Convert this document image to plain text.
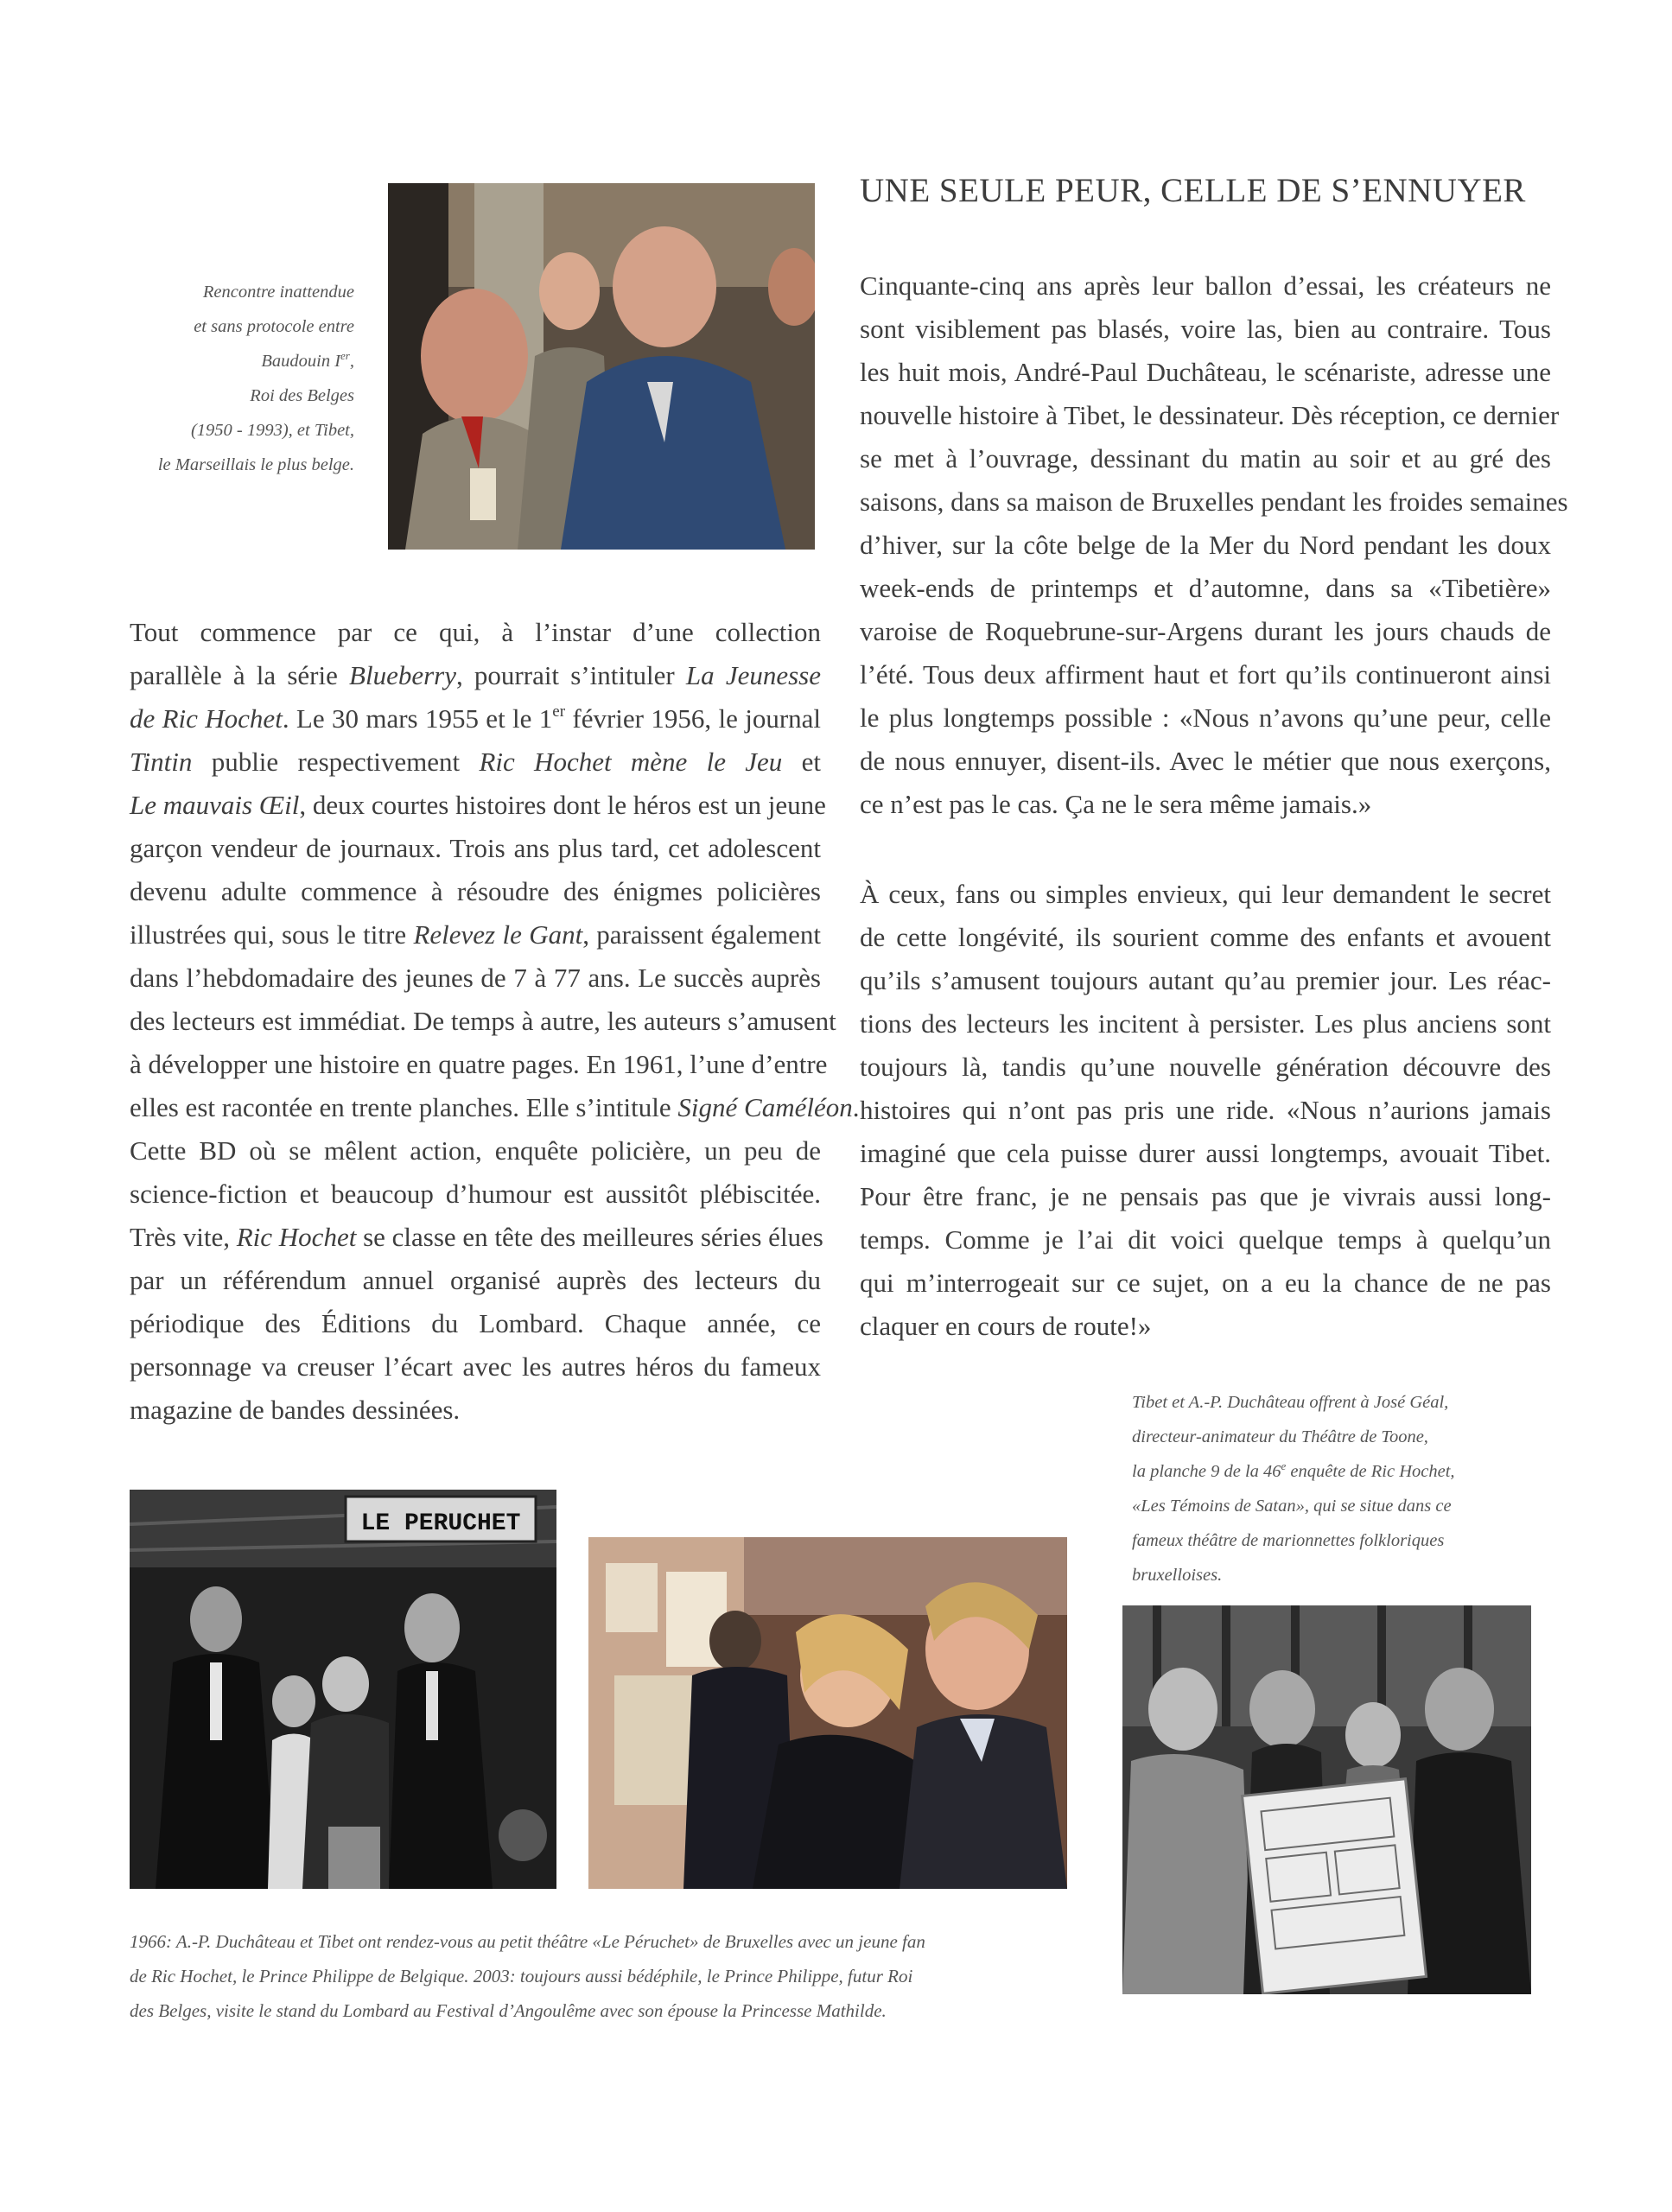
Rencontre inattendue
et sans protocole entre
Baudouin Ier,
Roi des Belges
(1950 - 1993), et Tibet,
le Marseillais le plus belge.
UNE SEULE PEUR, CELLE DE S’ENNUYER
Cinquante-cinq ans après leur ballon d’essai, les créateurs ne
sont visiblement pas blasés, voire las, bien au contraire. Tous
les huit mois, André-Paul Duchâteau, le scénariste, adresse une
nouvelle histoire à Tibet, le dessinateur. Dès réception, ce dernier
se met à l’ouvrage, dessinant du matin au soir et au gré des
saisons, dans sa maison de Bruxelles pendant les froides semaines
d’hiver, sur la côte belge de la Mer du Nord pendant les doux
week-ends de printemps et d’automne, dans sa «Tibetière»
varoise de Roquebrune-sur-Argens durant les jours chauds de
l’été. Tous deux affirment haut et fort qu’ils continueront ainsi
le plus longtemps possible : «Nous n’avons qu’une peur, celle
de nous ennuyer, disent-ils. Avec le métier que nous exerçons,
ce n’est pas le cas. Ça ne le sera même jamais.»
À ceux, fans ou simples envieux, qui leur demandent le secret
de cette longévité, ils sourient comme des enfants et avouent
qu’ils s’amusent toujours autant qu’au premier jour. Les réac-
tions des lecteurs les incitent à persister. Les plus anciens sont
toujours là, tandis qu’une nouvelle génération découvre des
histoires qui n’ont pas pris une ride. «Nous n’aurions jamais
imaginé que cela puisse durer aussi longtemps, avouait Tibet.
Pour être franc, je ne pensais pas que je vivrais aussi long-
temps. Comme je l’ai dit voici quelque temps à quelqu’un
qui m’interrogeait sur ce sujet, on a eu la chance de ne pas
claquer en cours de route!»
Tout commence par ce qui, à l’instar d’une collection
parallèle à la série Blueberry, pourrait s’intituler La Jeunesse
de Ric Hochet. Le 30 mars 1955 et le 1er février 1956, le journal
Tintin publie respectivement Ric Hochet mène le Jeu et
Le mauvais Œil, deux courtes histoires dont le héros est un jeune
garçon vendeur de journaux. Trois ans plus tard, cet adolescent
devenu adulte commence à résoudre des énigmes policières
illustrées qui, sous le titre Relevez le Gant, paraissent également
dans l’hebdomadaire des jeunes de 7 à 77 ans. Le succès auprès
des lecteurs est immédiat. De temps à autre, les auteurs s’amusent
à développer une histoire en quatre pages. En 1961, l’une d’entre
elles est racontée en trente planches. Elle s’intitule Signé Caméléon.
Cette BD où se mêlent action, enquête policière, un peu de
science-fiction et beaucoup d’humour est aussitôt plébiscitée.
Très vite, Ric Hochet se classe en tête des meilleures séries élues
par un référendum annuel organisé auprès des lecteurs du
périodique des Éditions du Lombard. Chaque année, ce
personnage va creuser l’écart avec les autres héros du fameux
magazine de bandes dessinées.	Tibet et A.-P. Duchâteau offrent à José Géal,
directeur-animateur du Théâtre de Toone,
la planche 9 de la 46e enquête de Ric Hochet,
«Les Témoins de Satan», qui se situe dans ce
fameux théâtre de marionnettes folkloriques
bruxelloises.
LE PERUCHET
1966: A.-P. Duchâteau et Tibet ont rendez-vous au petit théâtre «Le Péruchet» de Bruxelles avec un jeune fan
de Ric Hochet, le Prince Philippe de Belgique. 2003: toujours aussi bédéphile, le Prince Philippe, futur Roi
des Belges, visite le stand du Lombard au Festival d’Angoulême avec son épouse la Princesse Mathilde.
